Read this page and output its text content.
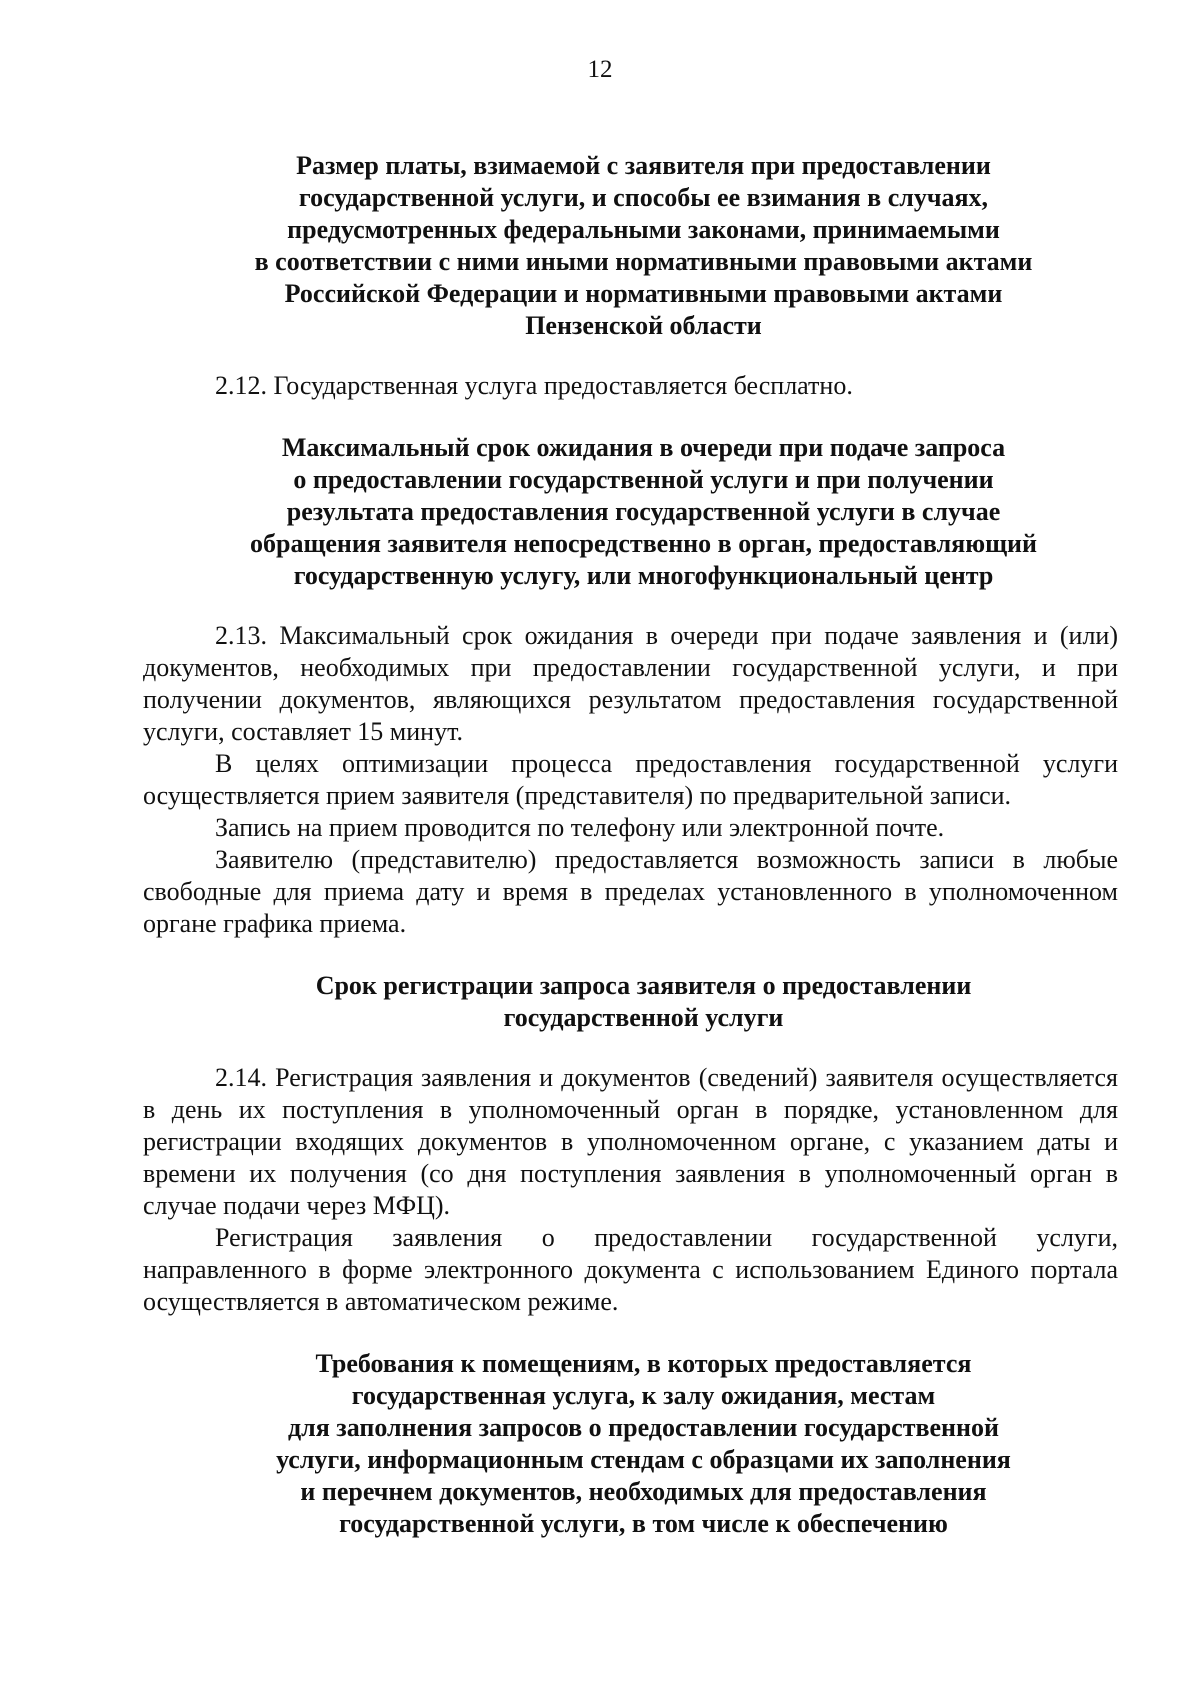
12
Размер платы, взимаемой с заявителя при предоставлении
государственной услуги, и способы ее взимания в случаях,
предусмотренных федеральными законами, принимаемыми
в соответствии с ними иными нормативными правовыми актами
Российской Федерации и нормативными правовыми актами
Пензенской области

2.12. Государственная услуга предоставляется бесплатно.

Максимальный срок ожидания в очереди при подаче запроса
о предоставлении государственной услуги и при получении
результата предоставления государственной услуги в случае
обращения заявителя непосредственно в орган, предоставляющий
государственную услугу, или многофункциональный центр

2.13. Максимальный срок ожидания в очереди при подаче заявления и (или) документов, необходимых при предоставлении государственной услуги, и при получении документов, являющихся результатом предоставления государственной услуги, составляет 15 минут.

В целях оптимизации процесса предоставления государственной услуги осуществляется прием заявителя (представителя) по предварительной записи.

Запись на прием проводится по телефону или электронной почте.

Заявителю (представителю) предоставляется возможность записи в любые свободные для приема дату и время в пределах установленного в уполномоченном органе графика приема.

Срок регистрации запроса заявителя о предоставлении
государственной услуги

2.14. Регистрация заявления и документов (сведений) заявителя осуществляется в день их поступления в уполномоченный орган в порядке, установленном для регистрации входящих документов в уполномоченном органе, с указанием даты и времени их получения (со дня поступления заявления в уполномоченный орган в случае подачи через МФЦ).

Регистрация заявления о предоставлении государственной услуги, направленного в форме электронного документа с использованием Единого портала осуществляется в автоматическом режиме.

Требования к помещениям, в которых предоставляется
государственная услуга, к залу ожидания, местам
для заполнения запросов о предоставлении государственной
услуги, информационным стендам с образцами их заполнения
и перечнем документов, необходимых для предоставления
государственной услуги, в том числе к обеспечению
